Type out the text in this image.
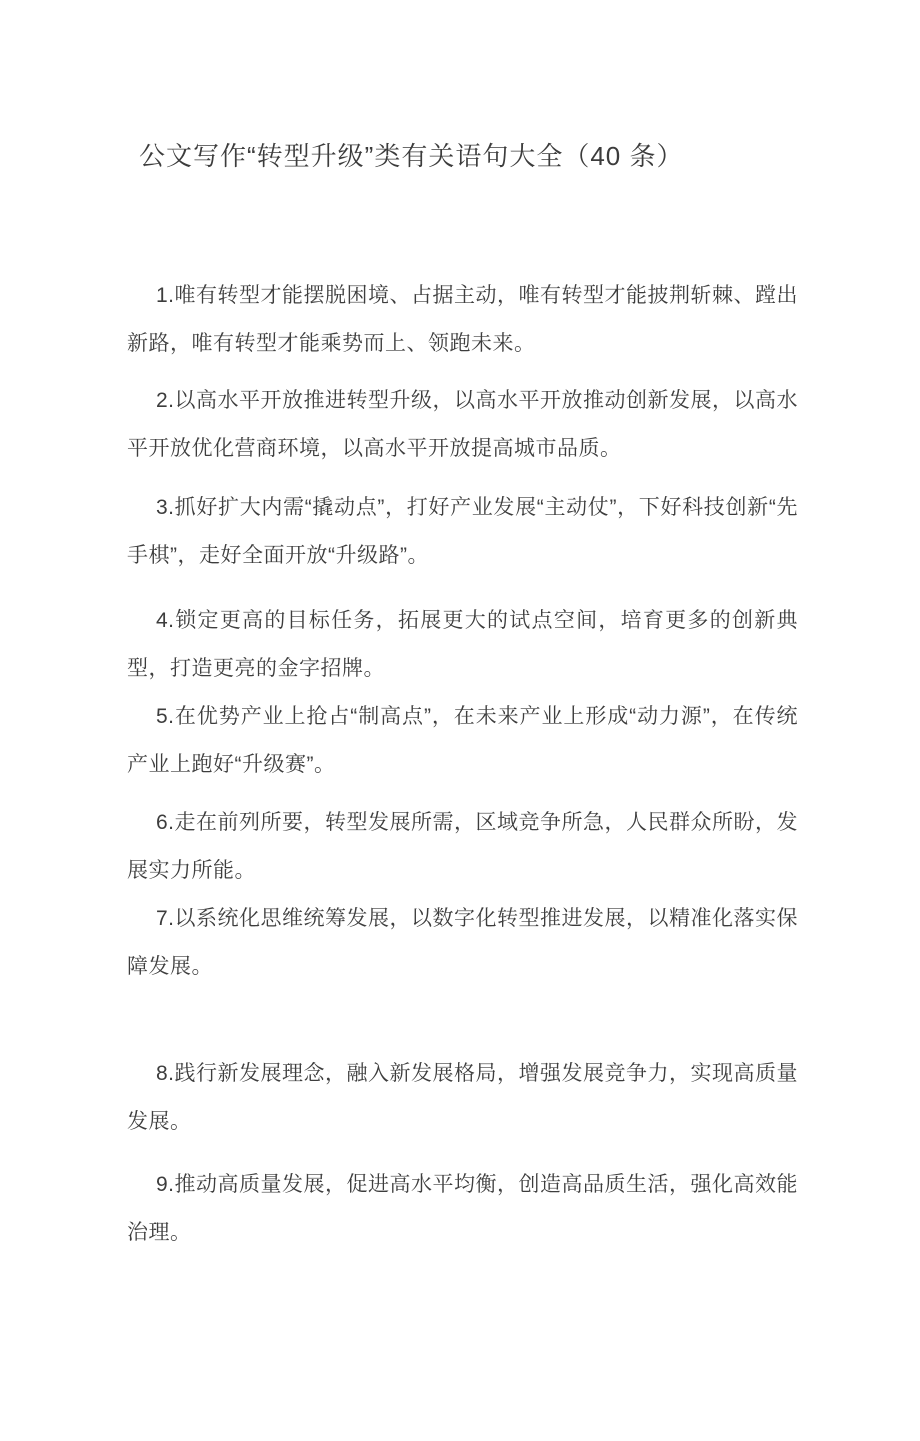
公文写作“转型升级”类有关语句大全（40 条）

1.唯有转型才能摆脱困境、占据主动，唯有转型才能披荆斩棘、蹚出新路，唯有转型才能乘势而上、领跑未来。

2.以高水平开放推进转型升级，以高水平开放推动创新发展，以高水平开放优化营商环境，以高水平开放提高城市品质。

3.抓好扩大内需“撬动点”，打好产业发展“主动仗”，下好科技创新“先手棋”，走好全面开放“升级路”。

4.锁定更高的目标任务，拓展更大的试点空间，培育更多的创新典型，打造更亮的金字招牌。

5.在优势产业上抢占“制高点”，在未来产业上形成“动力源”，在传统产业上跑好“升级赛”。

6.走在前列所要，转型发展所需，区域竞争所急，人民群众所盼，发展实力所能。

7.以系统化思维统筹发展，以数字化转型推进发展，以精准化落实保障发展。

8.践行新发展理念，融入新发展格局，增强发展竞争力，实现高质量发展。

9.推动高质量发展，促进高水平均衡，创造高品质生活，强化高效能治理。
